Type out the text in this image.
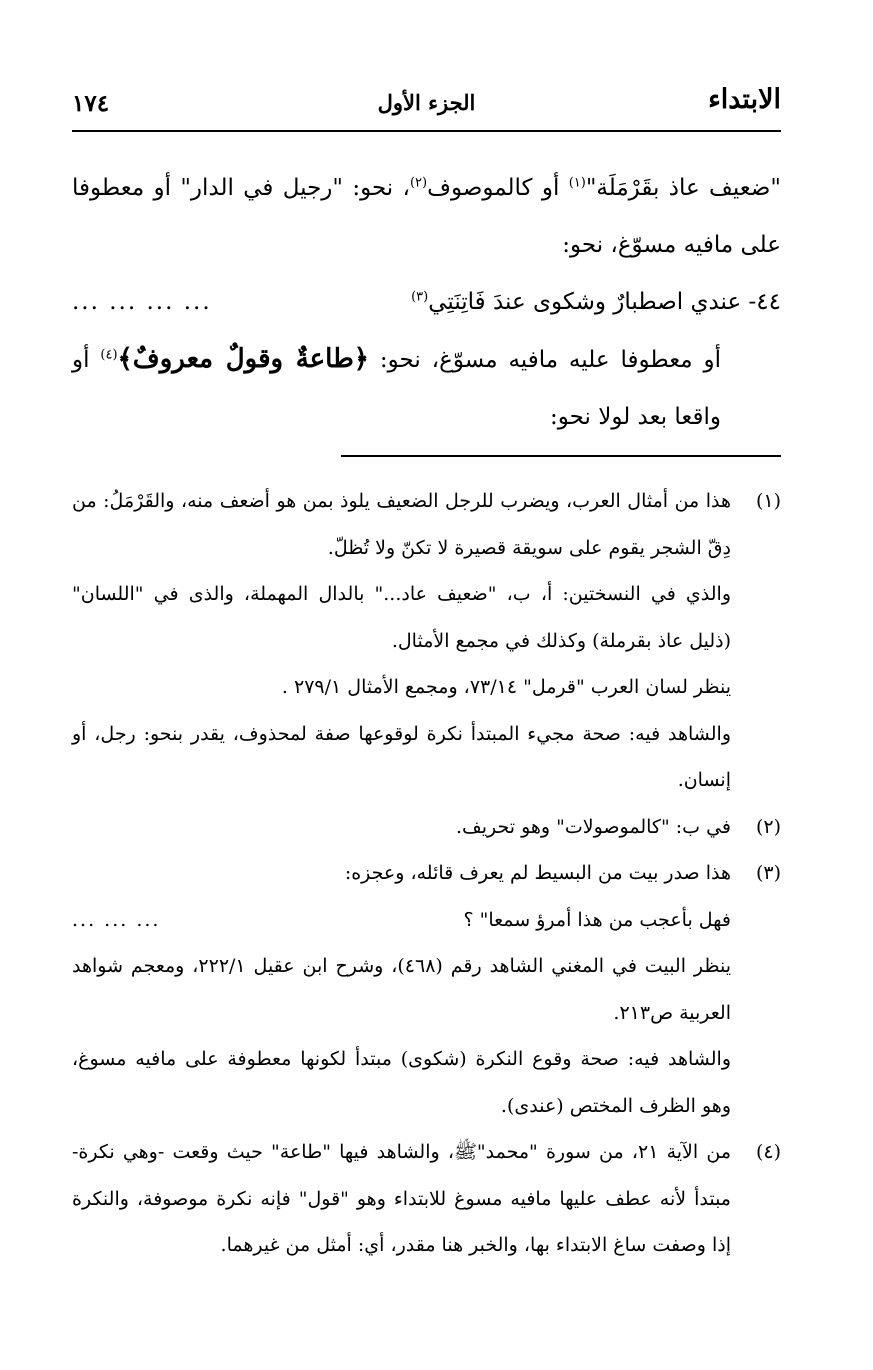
الابتداء
الجزء الأول
١٧٤
"ضعيف عاذ بقَرْمَلَة"$^{(١)}$ أو كالموصوف$^{(٢)}$، نحو: "رجيل في الدار" أو معطوفا على مافيه مسوّغ، نحو:
٤٤- عندي اصطبارٌ وشكوى عندَ فَاتِنَتِي$^{(٣)}$
... ... ... ...
أو معطوفا عليه مافيه مسوّغ، نحو: ﴿طاعةٌ وقولٌ معروفٌ﴾$^{(٤)}$ أو واقعا بعد لولا نحو:
(١)

هذا من أمثال العرب، ويضرب للرجل الضعيف يلوذ بمن هو أضعف منه، والقَرْمَلُ: من دِقّ الشجر يقوم على سويقة قصيرة لا تكنّ ولا تُظلّ.

والذي في النسختين: أ، ب، "ضعيف عاد..." بالدال المهملة، والذى في "اللسان" (ذليل عاذ بقرملة) وكذلك في مجمع الأمثال.

ينظر لسان العرب "قرمل" ٧٣/١٤، ومجمع الأمثال ٢٧٩/١ .

والشاهد فيه: صحة مجيء المبتدأ نكرة لوقوعها صفة لمحذوف، يقدر بنحو: رجل، أو إنسان.

(٢)

في ب: "كالموصولات" وهو تحريف.

(٣)

هذا صدر بيت من البسيط لم يعرف قائله، وعجزه:

فهل بأعجب من هذا أمرؤ سمعا" ؟
... ... ...

ينظر البيت في المغني الشاهد رقم (٤٦٨)، وشرح ابن عقيل ٢٢٢/١، ومعجم شواهد العربية ص٢١٣.

والشاهد فيه: صحة وقوع النكرة (شكوى) مبتدأ لكونها معطوفة على مافيه مسوغ، وهو الظرف المختص (عندى).

(٤)

من الآية ٢١، من سورة "محمد"ﷺ، والشاهد فيها "طاعة" حيث وقعت -وهي نكرة- مبتدأ لأنه عطف عليها مافيه مسوغ للابتداء وهو "قول" فإنه نكرة موصوفة، والنكرة إذا وصفت ساغ الابتداء بها، والخبر هنا مقدر، أي: أمثل من غيرهما.
